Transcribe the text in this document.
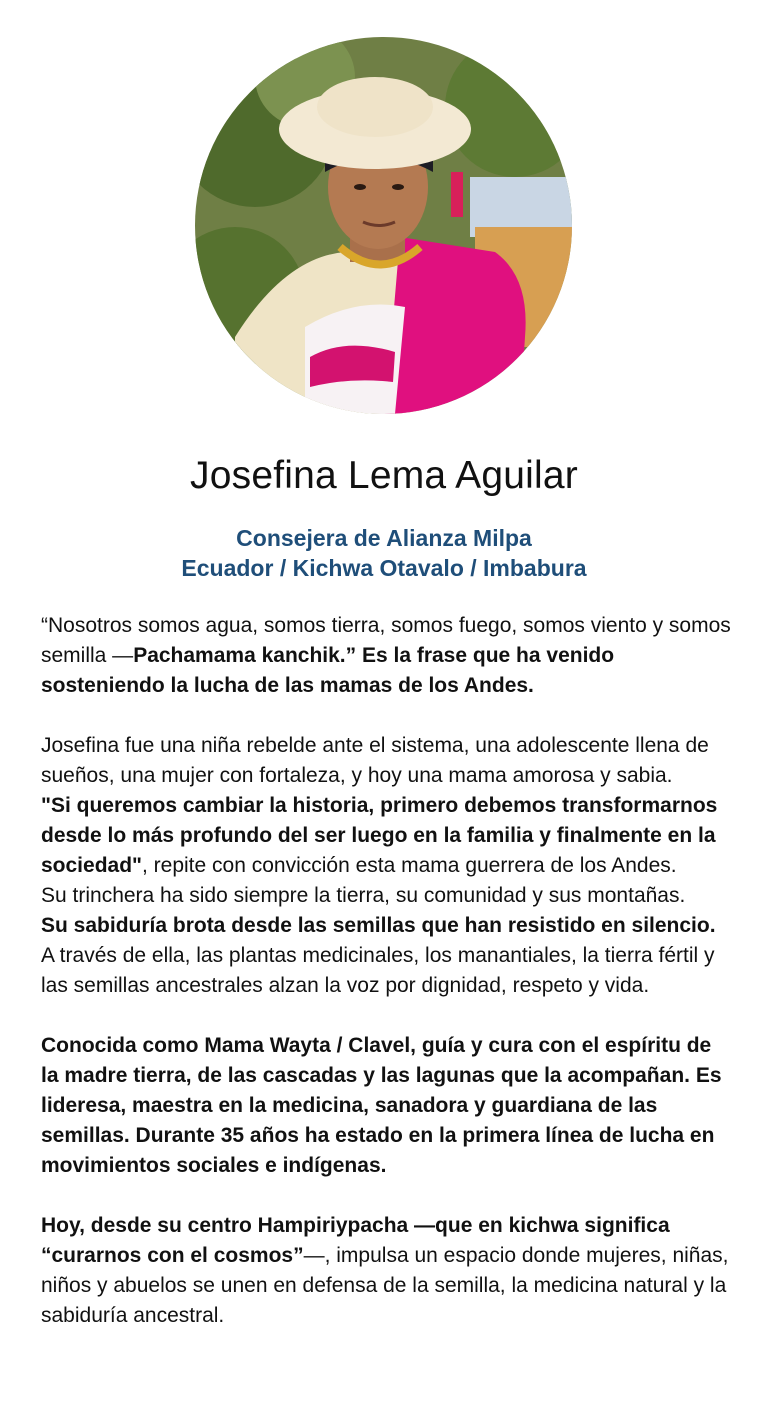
Josefina Lema Aguilar
Consejera de Alianza Milpa
Ecuador / Kichwa Otavalo / Imbabura

“Nosotros somos agua, somos tierra, somos fuego, somos viento y somos semilla —Pachamama kanchik.” Es la frase que ha venido sosteniendo la lucha de las mamas de los Andes.

Josefina fue una niña rebelde ante el sistema, una adolescente llena de sueños, una mujer con fortaleza, y hoy una mama amorosa y sabia.
"Si queremos cambiar la historia, primero debemos transformarnos desde lo más profundo del ser luego en la familia y finalmente en la sociedad", repite con convicción esta mama guerrera de los Andes.

Su trinchera ha sido siempre la tierra, su comunidad y sus montañas.
Su sabiduría brota desde las semillas que han resistido en silencio. A través de ella, las plantas medicinales, los manantiales, la tierra fértil y las semillas ancestrales alzan la voz por dignidad, respeto y vida.

Conocida como Mama Wayta / Clavel, guía y cura con el espíritu de la madre tierra, de las cascadas y las lagunas que la acompañan. Es lideresa, maestra en la medicina, sanadora y guardiana de las semillas. Durante 35 años ha estado en la primera línea de lucha en movimientos sociales e indígenas.

Hoy, desde su centro Hampiriypacha —que en kichwa significa “curarnos con el cosmos”—, impulsa un espacio donde mujeres, niñas, niños y abuelos se unen en defensa de la semilla, la medicina natural y la sabiduría ancestral.
